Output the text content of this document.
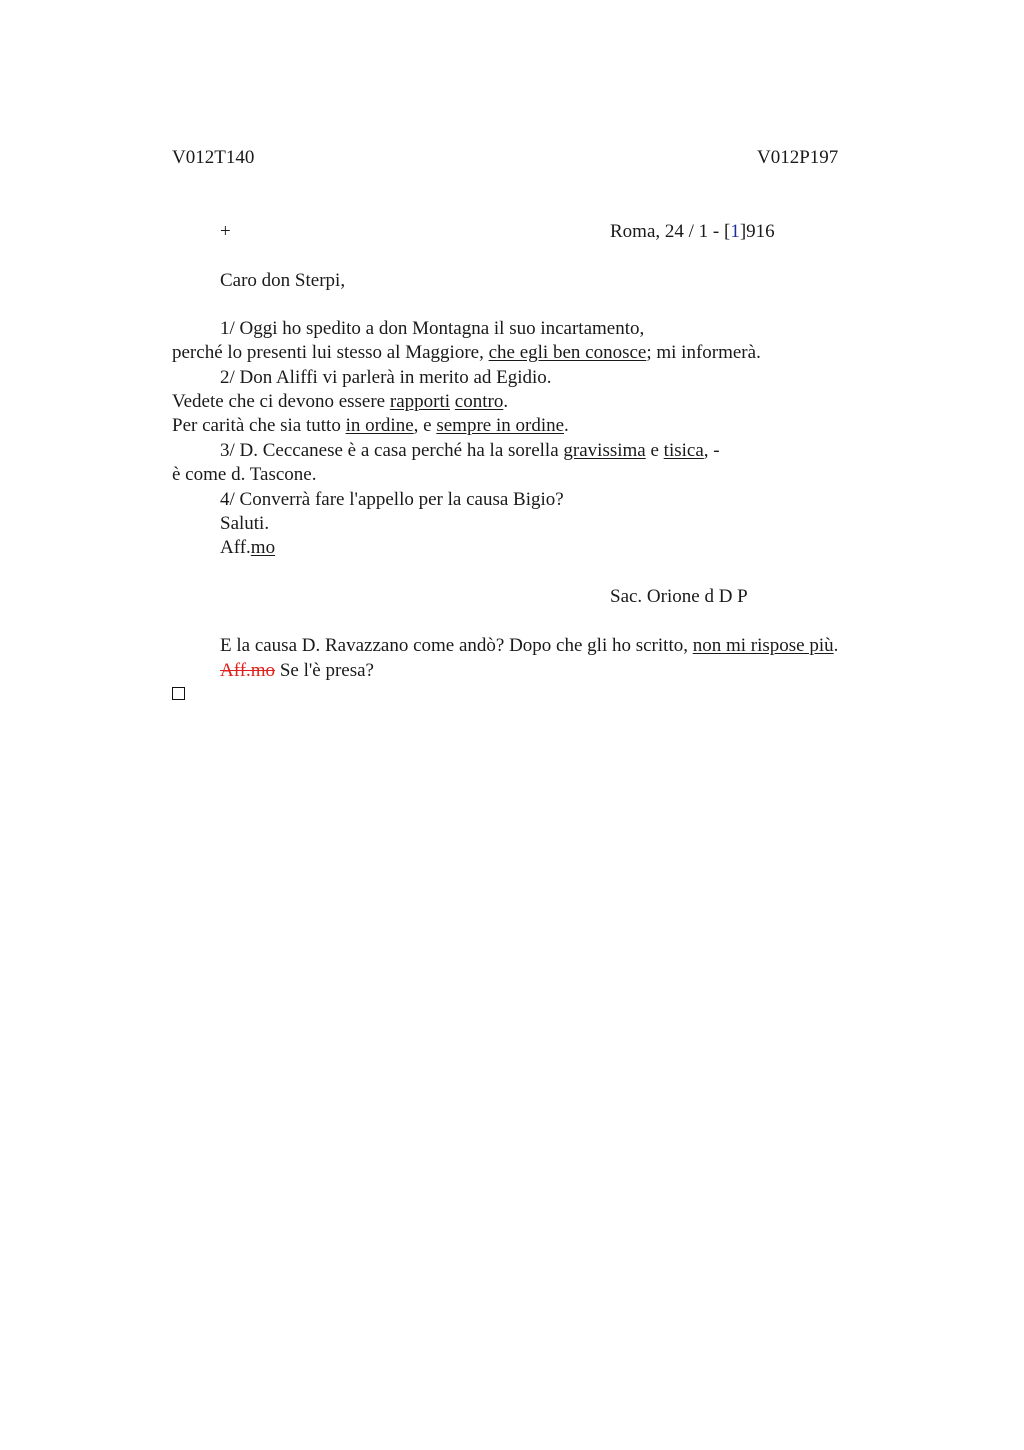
V012T140	V012P197
+	Roma, 24 / 1 - [1]916
Caro don Sterpi,
1/ Oggi ho spedito a don Montagna il suo incartamento,
perché lo presenti lui stesso al Maggiore, che egli ben conosce; mi informerà.
2/ Don Aliffi vi parlerà in merito ad Egidio.
Vedete che ci devono essere rapporti contro.
Per carità che sia tutto in ordine, e sempre in ordine.
3/ D. Ceccanese è a casa perché ha la sorella gravissima e tisica, -
è come d. Tascone.
4/ Converrà fare l'appello per la causa Bigio?
Saluti.
Aff.mo
Sac. Orione d D P
E la causa D. Ravazzano come andò? Dopo che gli ho scritto, non mi rispose più.
Aff.mo Se l'è presa?
